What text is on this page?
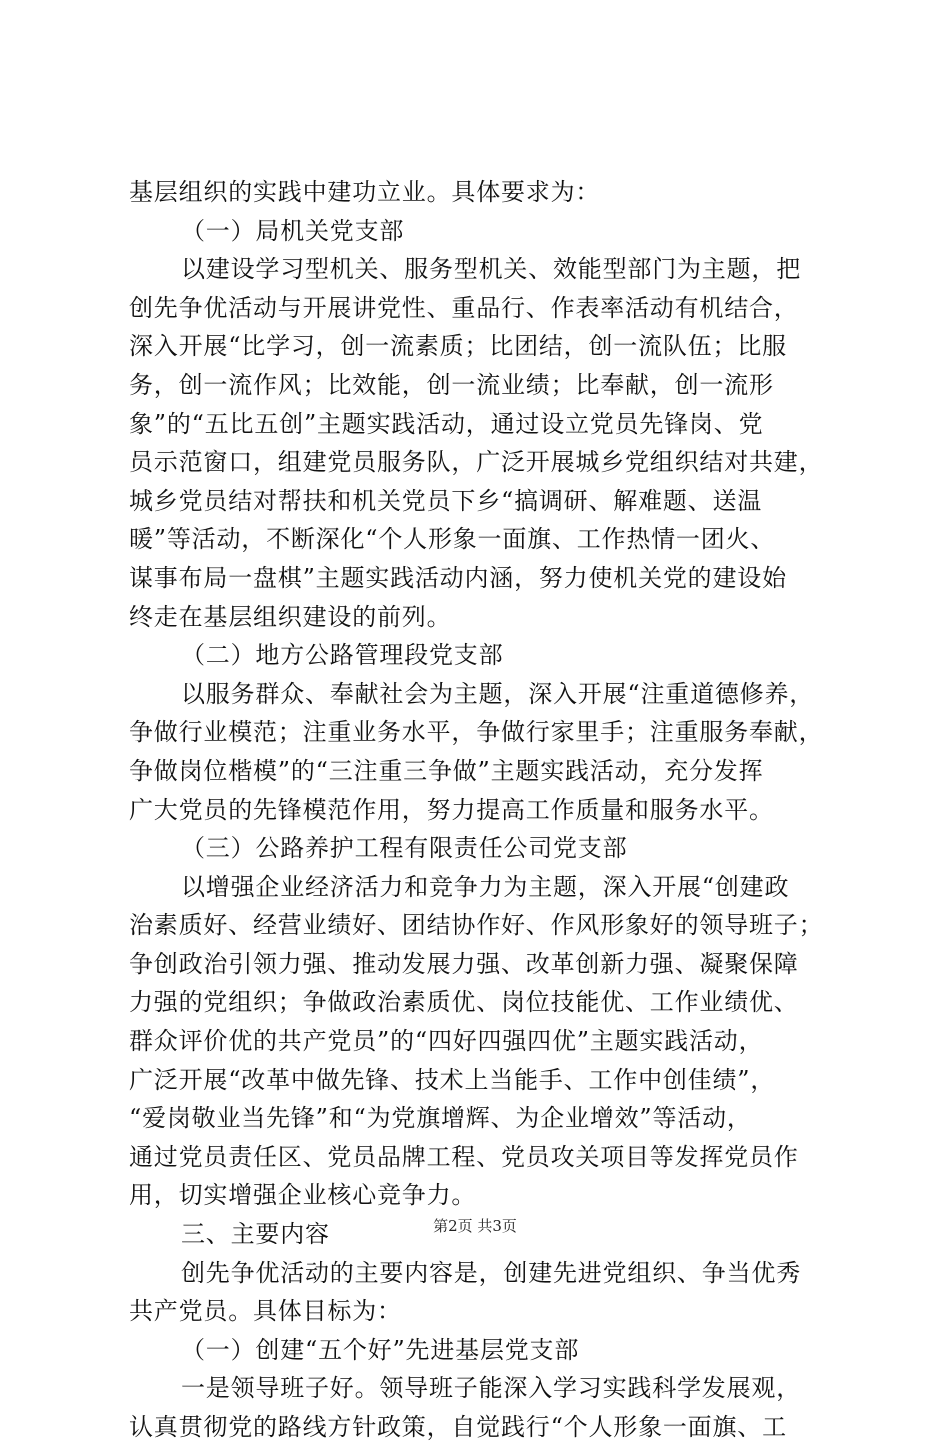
基层组织的实践中建功立业。具体要求为：
（一）局机关党支部
以建设学习型机关、服务型机关、效能型部门为主题，把
创先争优活动与开展讲党性、重品行、作表率活动有机结合，
深入开展“比学习，创一流素质；比团结，创一流队伍；比服
务，创一流作风；比效能，创一流业绩；比奉献，创一流形
象”的“五比五创”主题实践活动，通过设立党员先锋岗、党
员示范窗口，组建党员服务队，广泛开展城乡党组织结对共建，
城乡党员结对帮扶和机关党员下乡“搞调研、解难题、送温
暖”等活动，不断深化“个人形象一面旗、工作热情一团火、
谋事布局一盘棋”主题实践活动内涵，努力使机关党的建设始
终走在基层组织建设的前列。
（二）地方公路管理段党支部
以服务群众、奉献社会为主题，深入开展“注重道德修养，
争做行业模范；注重业务水平，争做行家里手；注重服务奉献，
争做岗位楷模”的“三注重三争做”主题实践活动，充分发挥
广大党员的先锋模范作用，努力提高工作质量和服务水平。
（三）公路养护工程有限责任公司党支部
以增强企业经济活力和竞争力为主题，深入开展“创建政
治素质好、经营业绩好、团结协作好、作风形象好的领导班子；
争创政治引领力强、推动发展力强、改革创新力强、凝聚保障
力强的党组织；争做政治素质优、岗位技能优、工作业绩优、
群众评价优的共产党员”的“四好四强四优”主题实践活动，
广泛开展“改革中做先锋、技术上当能手、工作中创佳绩”，
“爱岗敬业当先锋”和“为党旗增辉、为企业增效”等活动，
通过党员责任区、党员品牌工程、党员攻关项目等发挥党员作
用，切实增强企业核心竞争力。
三、主要内容
创先争优活动的主要内容是，创建先进党组织、争当优秀
共产党员。具体目标为：
（一）创建“五个好”先进基层党支部
一是领导班子好。领导班子能深入学习实践科学发展观，
认真贯彻党的路线方针政策，自觉践行“个人形象一面旗、工
第2页 共3页
